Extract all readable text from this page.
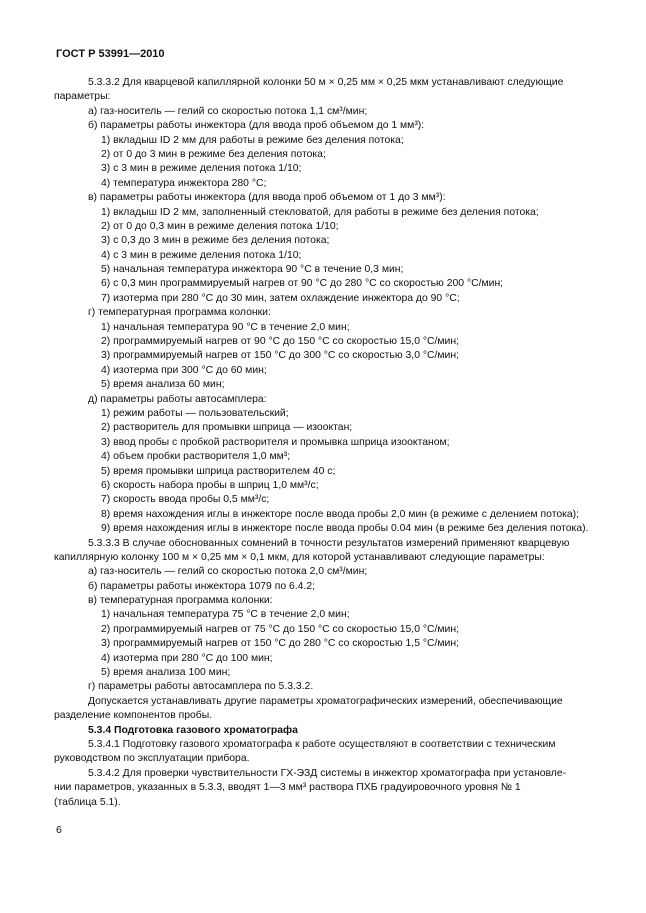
ГОСТ Р 53991—2010
5.3.3.2 Для кварцевой капиллярной колонки 50 м × 0,25 мм × 0,25 мкм устанавливают следующие
параметры:
а) газ-носитель — гелий со скоростью потока 1,1 см³/мин;
б) параметры работы инжектора (для ввода проб объемом до 1 мм³):
1) вкладыш ID 2 мм для работы в режиме без деления потока;
2) от 0 до 3 мин в режиме без деления потока;
3) с 3 мин в режиме деления потока 1/10;
4) температура инжектора 280 °С;
в) параметры работы инжектора (для ввода проб объемом от 1 до 3 мм³):
1) вкладыш ID 2 мм, заполненный стекловатой, для работы в режиме без деления потока;
2) от 0 до 0,3 мин в режиме деления потока 1/10;
3) с 0,3 до 3 мин в режиме без деления потока;
4) с 3 мин в режиме деления потока 1/10;
5) начальная температура инжектора 90 °С в течение 0,3 мин;
6) с 0,3 мин программируемый нагрев от 90 °С до 280 °С со скоростью 200 °С/мин;
7) изотерма при 280 °С до 30 мин, затем охлаждение инжектора до 90 °С;
г) температурная программа колонки:
1) начальная температура 90 °С в течение 2,0 мин;
2) программируемый нагрев от 90 °С до 150 °С со скоростью 15,0 °С/мин;
3) программируемый нагрев от 150 °С до 300 °С со скоростью 3,0 °С/мин;
4) изотерма при 300 °С до 60 мин;
5) время анализа 60 мин;
д) параметры работы автосамплера:
1) режим работы — пользовательский;
2) растворитель для промывки шприца — изооктан;
3) ввод пробы с пробкой растворителя и промывка шприца изооктаном;
4) объем пробки растворителя 1,0 мм³;
5) время промывки шприца растворителем 40 с;
6) скорость набора пробы в шприц 1,0 мм³/с;
7) скорость ввода пробы 0,5 мм³/с;
8) время нахождения иглы в инжекторе после ввода пробы 2,0 мин (в режиме с делением потока);
9) время нахождения иглы в инжекторе после ввода пробы 0.04 мин (в режиме без деления потока).
5.3.3.3 В случае обоснованных сомнений в точности результатов измерений применяют кварцевую
капиллярную колонку 100 м × 0,25 мм × 0,1 мкм, для которой устанавливают следующие параметры:
а) газ-носитель — гелий со скоростью потока 2,0 см³/мин;
б) параметры работы инжектора 1079 по 6.4.2;
в) температурная программа колонки:
1) начальная температура 75 °С в течение 2,0 мин;
2) программируемый нагрев от 75 °С до 150 °С со скоростью 15,0 °С/мин;
3) программируемый нагрев от 150 °С до 280 °С со скоростью 1,5 °С/мин;
4) изотерма при 280 °С до 100 мин;
5) время анализа 100 мин;
г) параметры работы автосамплера по 5.3.3.2.
Допускается устанавливать другие параметры хроматографических измерений, обеспечивающие
разделение компонентов пробы.
5.3.4 Подготовка газового хроматографа
5.3.4.1 Подготовку газового хроматографа к работе осуществляют в соответствии с техническим
руководством по эксплуатации прибора.
5.3.4.2 Для проверки чувствительности ГХ-ЭЗД системы в инжектор хроматографа при установле-
нии параметров, указанных в 5.3.3, вводят 1—3 мм³ раствора ПХБ градуировочного уровня № 1
(таблица 5.1).
6
